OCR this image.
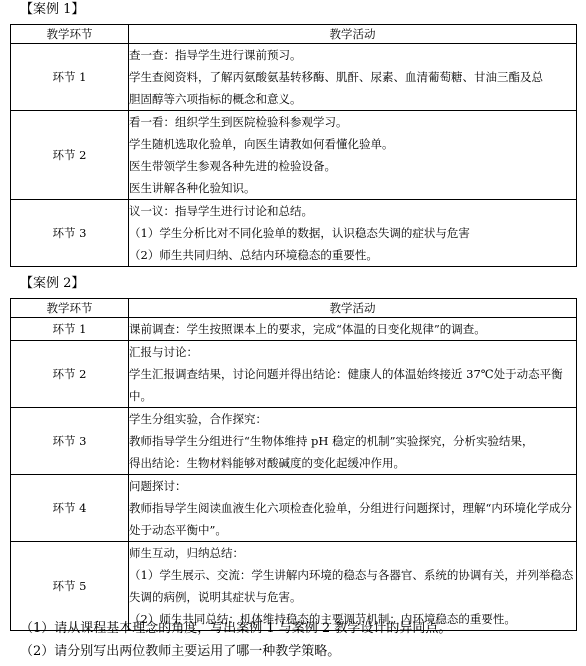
【案例 1】
教学环节	教学活动
环节 1	查一查：指导学生进行课前预习。
学生查阅资料，了解丙氨酸氨基转移酶、肌酐、尿素、血清葡萄糖、甘油三酯及总
胆固醇等六项指标的概念和意义。

环节 2	看一看：组织学生到医院检验科参观学习。
学生随机选取化验单，向医生请教如何看懂化验单。
医生带领学生参观各种先进的检验设备。
医生讲解各种化验知识。

环节 3	议一议：指导学生进行讨论和总结。
（1）学生分析比对不同化验单的数据，认识稳态失调的症状与危害
（2）师生共同归纳、总结内环境稳态的重要性。
【案例 2】
教学环节	教学活动
环节 1	课前调查：学生按照课本上的要求，完成“体温的日变化规律”的调查。

环节 2	汇报与讨论：
学生汇报调查结果，讨论问题并得出结论：健康人的体温始终接近 37℃处于动态平衡中。

环节 3	学生分组实验，合作探究：
教师指导学生分组进行“生物体维持 pH 稳定的机制”实验探究，分析实验结果，
得出结论：生物材料能够对酸碱度的变化起缓冲作用。

环节 4	问题探讨：
教师指导学生阅读血液生化六项检查化验单，分组进行问题探讨，理解“内环境化学成分处于动态平衡中”。

环节 5	师生互动，归纳总结：
（1）学生展示、交流：学生讲解内环境的稳态与各器官、系统的协调有关，并列举稳态失调的病例，说明其症状与危害。
（2）师生共同总结：机体维持稳态的主要调节机制；内环境稳态的重要性。
（1）请从课程基本理念的角度，写出案例 1 与案例 2 教学设计的异同点。
（2）请分别写出两位教师主要运用了哪一种教学策略。
